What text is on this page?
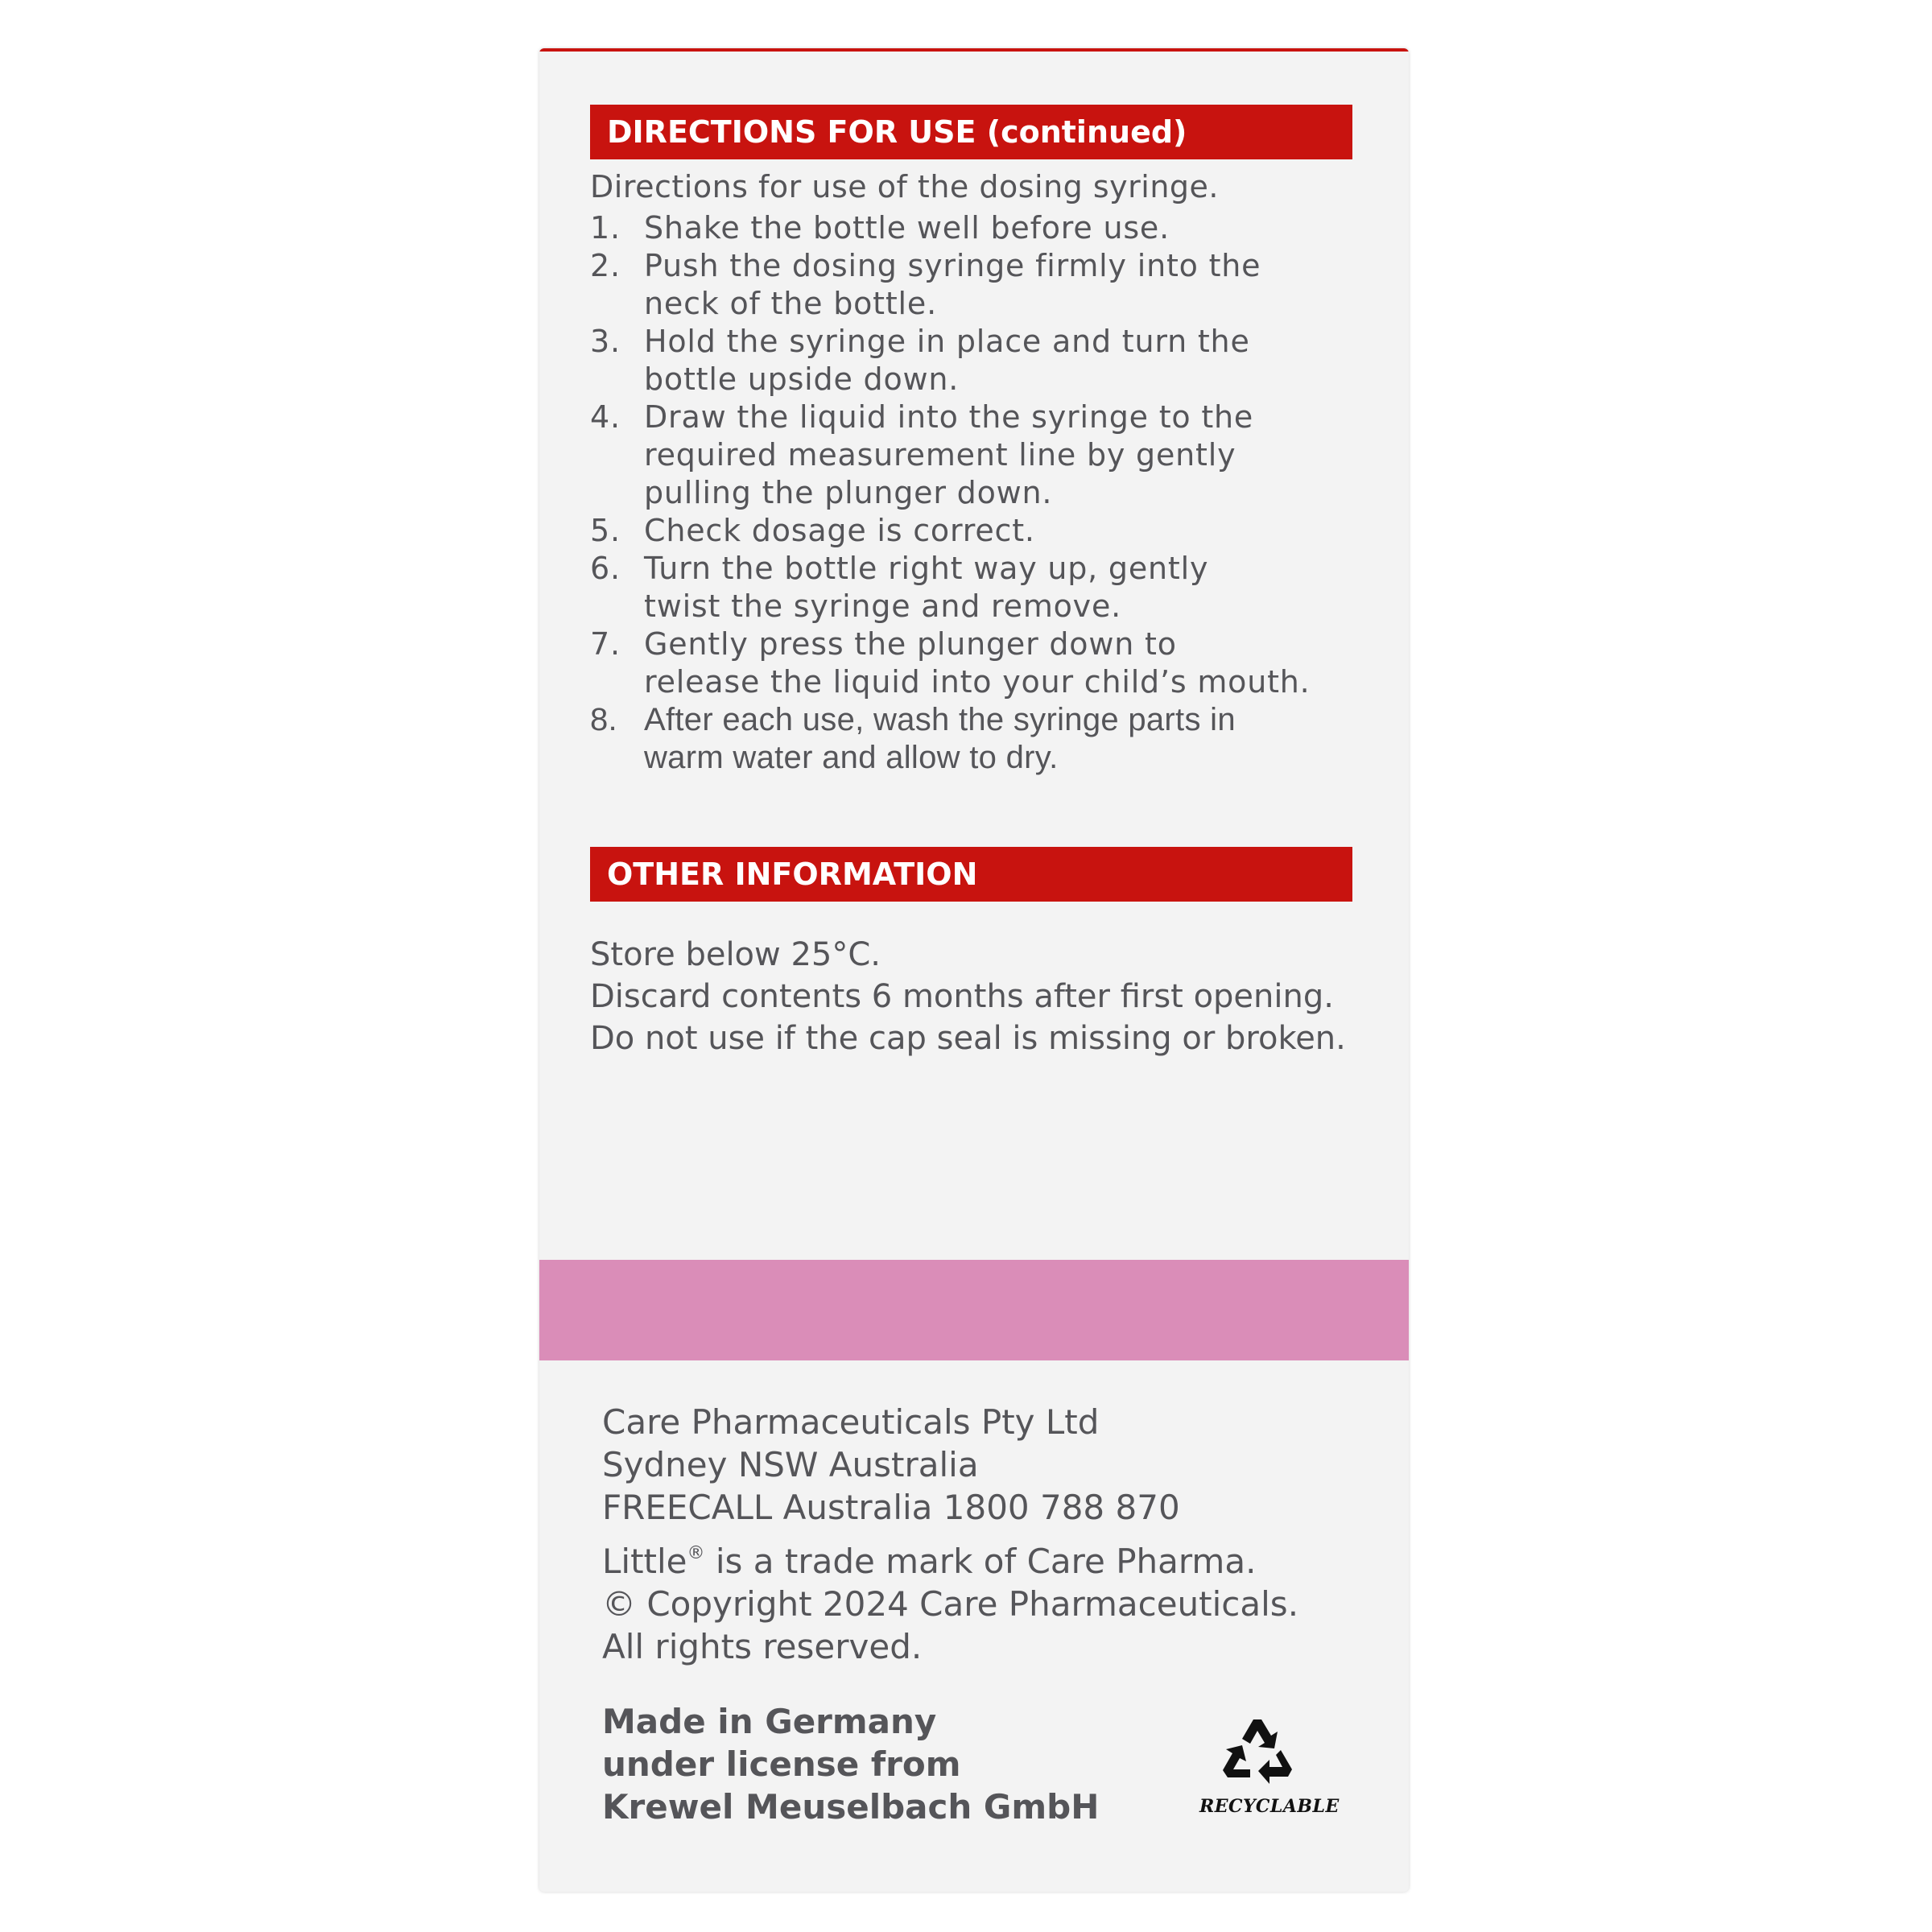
DIRECTIONS FOR USE (continued)
Directions for use of the dosing syringe.
1. Shake the bottle well before use.
2. Push the dosing syringe firmly into the
neck of the bottle.
3. Hold the syringe in place and turn the
bottle upside down.
4. Draw the liquid into the syringe to the
required measurement line by gently
pulling the plunger down.
5. Check dosage is correct.
6. Turn the bottle right way up, gently
twist the syringe and remove.
7. Gently press the plunger down to
release the liquid into your child’s mouth.
8. After each use, wash the syringe parts in
warm water and allow to dry.
OTHER INFORMATION
Store below 25°C.
Discard contents 6 months after first opening.
Do not use if the cap seal is missing or broken.
Care Pharmaceuticals Pty Ltd
Sydney NSW Australia
FREECALL Australia 1800 788 870
Little® is a trade mark of Care Pharma.
© Copyright 2024 Care Pharmaceuticals.
All rights reserved.
Made in Germany
under license from
Krewel Meuselbach GmbH	RECYCLABLE
